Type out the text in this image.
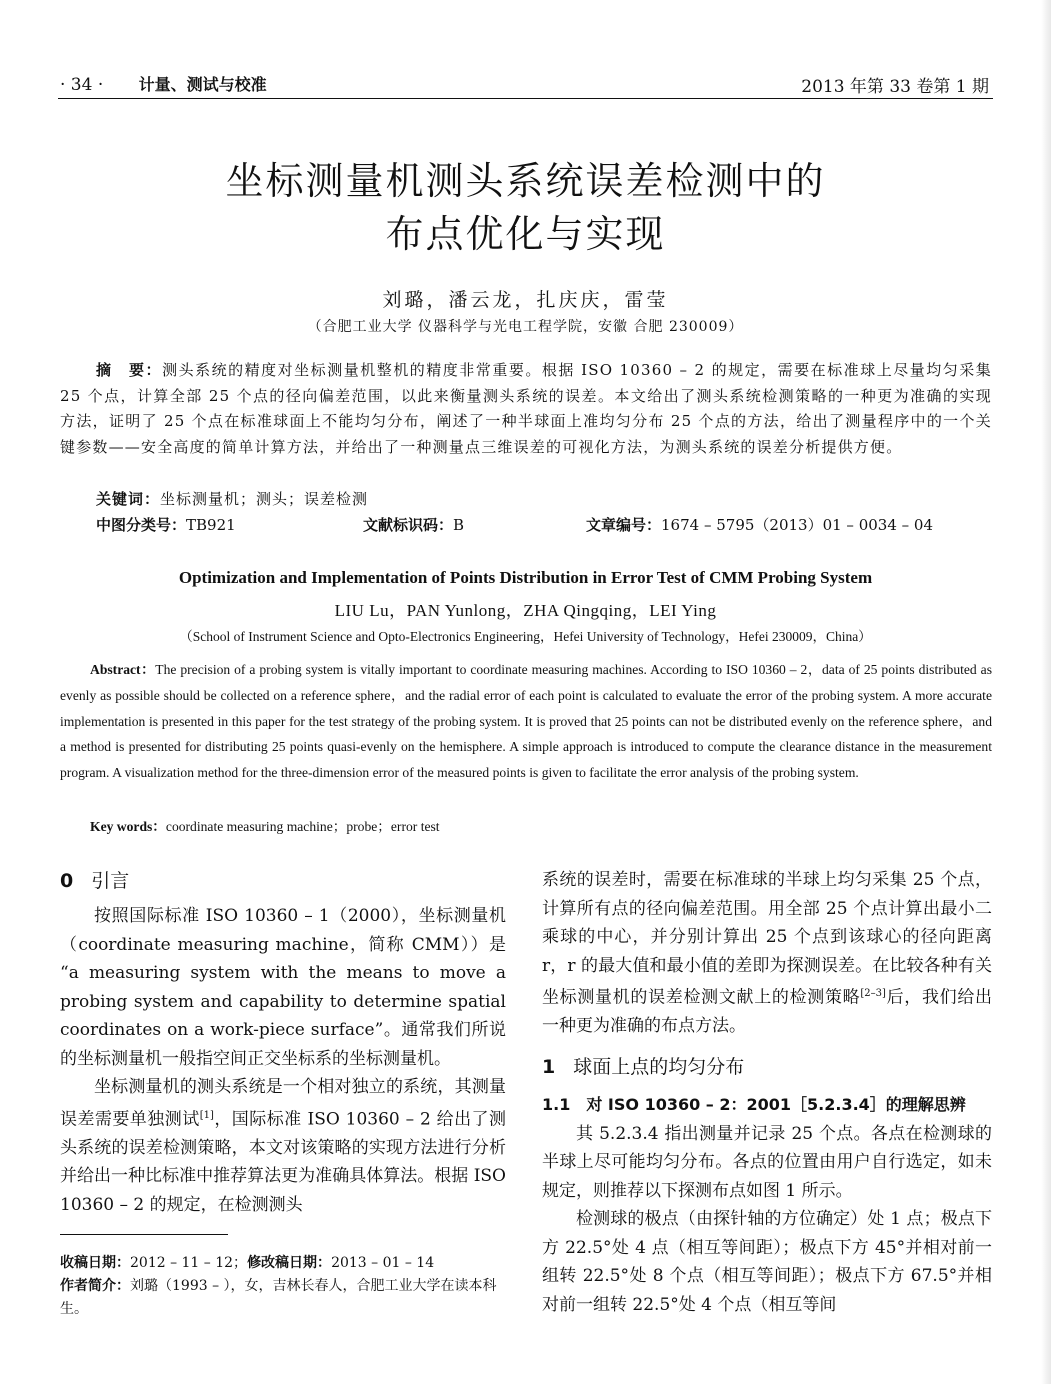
· 34 · 计量、测试与校准	2013 年第 33 卷第 1 期
坐标测量机测头系统误差检测中的
布点优化与实现
刘璐，潘云龙，扎庆庆，雷莹
（合肥工业大学 仪器科学与光电工程学院，安徽 合肥 230009）

摘　要：测头系统的精度对坐标测量机整机的精度非常重要。根据 ISO 10360 – 2 的规定，需要在标准球上尽量均匀采集 25 个点，计算全部 25 个点的径向偏差范围，以此来衡量测头系统的误差。本文给出了测头系统检测策略的一种更为准确的实现方法，证明了 25 个点在标准球面上不能均匀分布，阐述了一种半球面上准均匀分布 25 个点的方法，给出了测量程序中的一个关键参数——安全高度的简单计算方法，并给出了一种测量点三维误差的可视化方法，为测头系统的误差分析提供方便。

关键词：坐标测量机；测头；误差检测
中图分类号：TB921	文献标识码：B	文章编号：1674 – 5795（2013）01 – 0034 – 04
Optimization and Implementation of Points Distribution in Error Test of CMM Probing System
LIU Lu，PAN Yunlong，ZHA Qingqing，LEI Ying
（School of Instrument Science and Opto-Electronics Engineering，Hefei University of Technology，Hefei 230009，China）

Abstract：The precision of a probing system is vitally important to coordinate measuring machines. According to ISO 10360 – 2，data of 25 points distributed as evenly as possible should be collected on a reference sphere，and the radial error of each point is calculated to evaluate the error of the probing system. A more accurate implementation is presented in this paper for the test strategy of the probing system. It is proved that 25 points can not be distributed evenly on the reference sphere，and a method is presented for distributing 25 points quasi-evenly on the hemisphere. A simple approach is introduced to compute the clearance distance in the measurement program. A visualization method for the three-dimension error of the measured points is given to facilitate the error analysis of the probing system.

Key words：coordinate measuring machine；probe；error test
0 引言

按照国际标准 ISO 10360 – 1（2000），坐标测量机（coordinate measuring machine，简称 CMM））是 “a measuring system with the means to move a probing system and capability to determine spatial coordinates on a work-piece surface”。通常我们所说的坐标测量机一般指空间正交坐标系的坐标测量机。

坐标测量机的测头系统是一个相对独立的系统，其测量误差需要单独测试[1]，国际标准 ISO 10360 – 2 给出了测头系统的误差检测策略，本文对该策略的实现方法进行分析并给出一种比标准中推荐算法更为准确具体算法。根据 ISO 10360 – 2 的规定，在检测测头

收稿日期：2012 – 11 – 12；修改稿日期：2013 – 01 – 14
作者简介：刘璐（1993 – ），女，吉林长春人，合肥工业大学在读本科生。

系统的误差时，需要在标准球的半球上均匀采集 25 个点，计算所有点的径向偏差范围。用全部 25 个点计算出最小二乘球的中心，并分别计算出 25 个点到该球心的径向距离 r，r 的最大值和最小值的差即为探测误差。在比较各种有关坐标测量机的误差检测文献上的检测策略[2–3]后，我们给出一种更为准确的布点方法。

1 球面上点的均匀分布
1.1　对 ISO 10360 – 2：2001［5.2.3.4］的理解思辨

其 5.2.3.4 指出测量并记录 25 个点。各点在检测球的半球上尽可能均匀分布。各点的位置由用户自行选定，如未规定，则推荐以下探测布点如图 1 所示。

检测球的极点（由探针轴的方位确定）处 1 点；极点下方 22.5°处 4 点（相互等间距）；极点下方 45°并相对前一组转 22.5°处 8 个点（相互等间距）；极点下方 67.5°并相对前一组转 22.5°处 4 个点（相互等间
